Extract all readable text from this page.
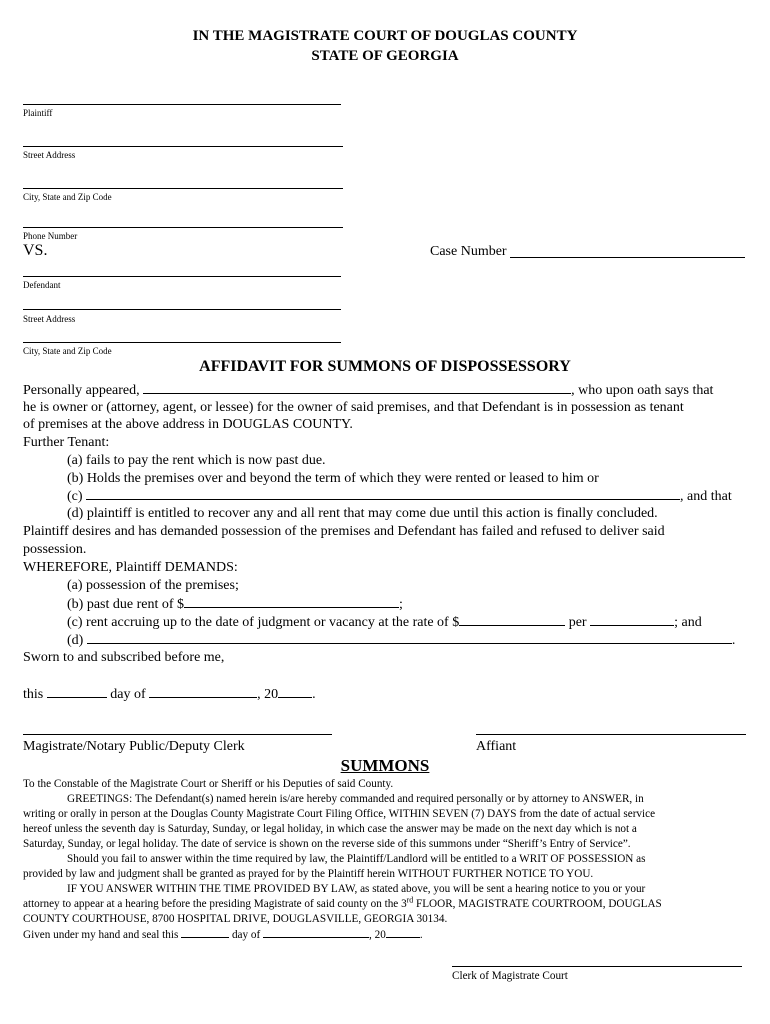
IN THE MAGISTRATE COURT OF DOUGLAS COUNTY
STATE OF GEORGIA
Plaintiff
Street Address
City, State and Zip Code
Phone Number
VS.	Case Number
Defendant
Street Address
City, State and Zip Code
AFFIDAVIT FOR SUMMONS OF DISPOSSESSORY
Personally appeared,	, who upon oath says that
he is owner or (attorney, agent, or lessee) for the owner of said premises, and that Defendant is in possession as tenant
of premises at the above address in DOUGLAS COUNTY.
Further Tenant:
(a) fails to pay the rent which is now past due.
(b) Holds the premises over and beyond the term of which they were rented or leased to him or
(c)	, and that
(d) plaintiff is entitled to recover any and all rent that may come due until this action is finally concluded.
Plaintiff desires and has demanded possession of the premises and Defendant has failed and refused to deliver said
possession.
WHEREFORE, Plaintiff DEMANDS:
(a) possession of the premises;
(b) past due rent of $	;
(c) rent accruing up to the date of judgment or vacancy at the rate of $	per	; and
(d)	.
Sworn to and subscribed before me,
this	day of	, 20 .
Magistrate/Notary Public/Deputy Clerk	Affiant
SUMMONS
To the Constable of the Magistrate Court or Sheriff or his Deputies of said County.
GREETINGS: The Defendant(s) named herein is/are hereby commanded and required personally or by attorney to ANSWER, in
writing or orally in person at the Douglas County Magistrate Court Filing Office, WITHIN SEVEN (7) DAYS from the date of actual service
hereof unless the seventh day is Saturday, Sunday, or legal holiday, in which case the answer may be made on the next day which is not a
Saturday, Sunday, or legal holiday. The date of service is shown on the reverse side of this summons under “Sheriff’s Entry of Service”.
Should you fail to answer within the time required by law, the Plaintiff/Landlord will be entitled to a WRIT OF POSSESSION as
provided by law and judgment shall be granted as prayed for by the Plaintiff herein WITHOUT FURTHER NOTICE TO YOU.
IF YOU ANSWER WITHIN THE TIME PROVIDED BY LAW, as stated above, you will be sent a hearing notice to you or your
attorney to appear at a hearing before the presiding Magistrate of said county on the 3rd FLOOR, MAGISTRATE COURTROOM, DOUGLAS
COUNTY COURTHOUSE, 8700 HOSPITAL DRIVE, DOUGLASVILLE, GEORGIA 30134.
Given under my hand and seal this	day of	, 20	.
Clerk of Magistrate Court
